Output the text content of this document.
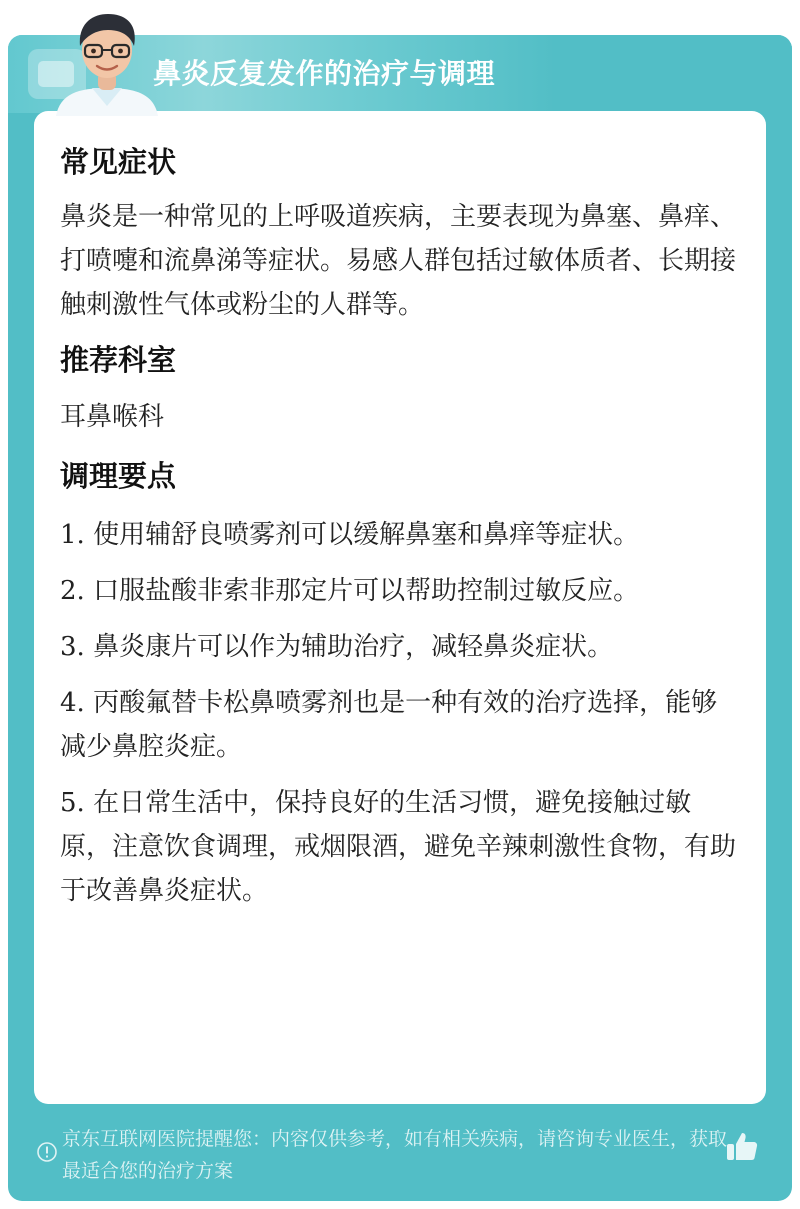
鼻炎反复发作的治疗与调理
常见症状

鼻炎是一种常见的上呼吸道疾病，主要表现为鼻塞、鼻痒、打喷嚏和流鼻涕等症状。易感人群包括过敏体质者、长期接触刺激性气体或粉尘的人群等。

推荐科室

耳鼻喉科

调理要点

1. 使用辅舒良喷雾剂可以缓解鼻塞和鼻痒等症状。

2. 口服盐酸非索非那定片可以帮助控制过敏反应。

3. 鼻炎康片可以作为辅助治疗，减轻鼻炎症状。

4. 丙酸氟替卡松鼻喷雾剂也是一种有效的治疗选择，能够减少鼻腔炎症。

5. 在日常生活中，保持良好的生活习惯，避免接触过敏原，注意饮食调理，戒烟限酒，避免辛辣刺激性食物，有助于改善鼻炎症状。

京东互联网医院提醒您：内容仅供参考，如有相关疾病，请咨询专业医生，获取最适合您的治疗方案
